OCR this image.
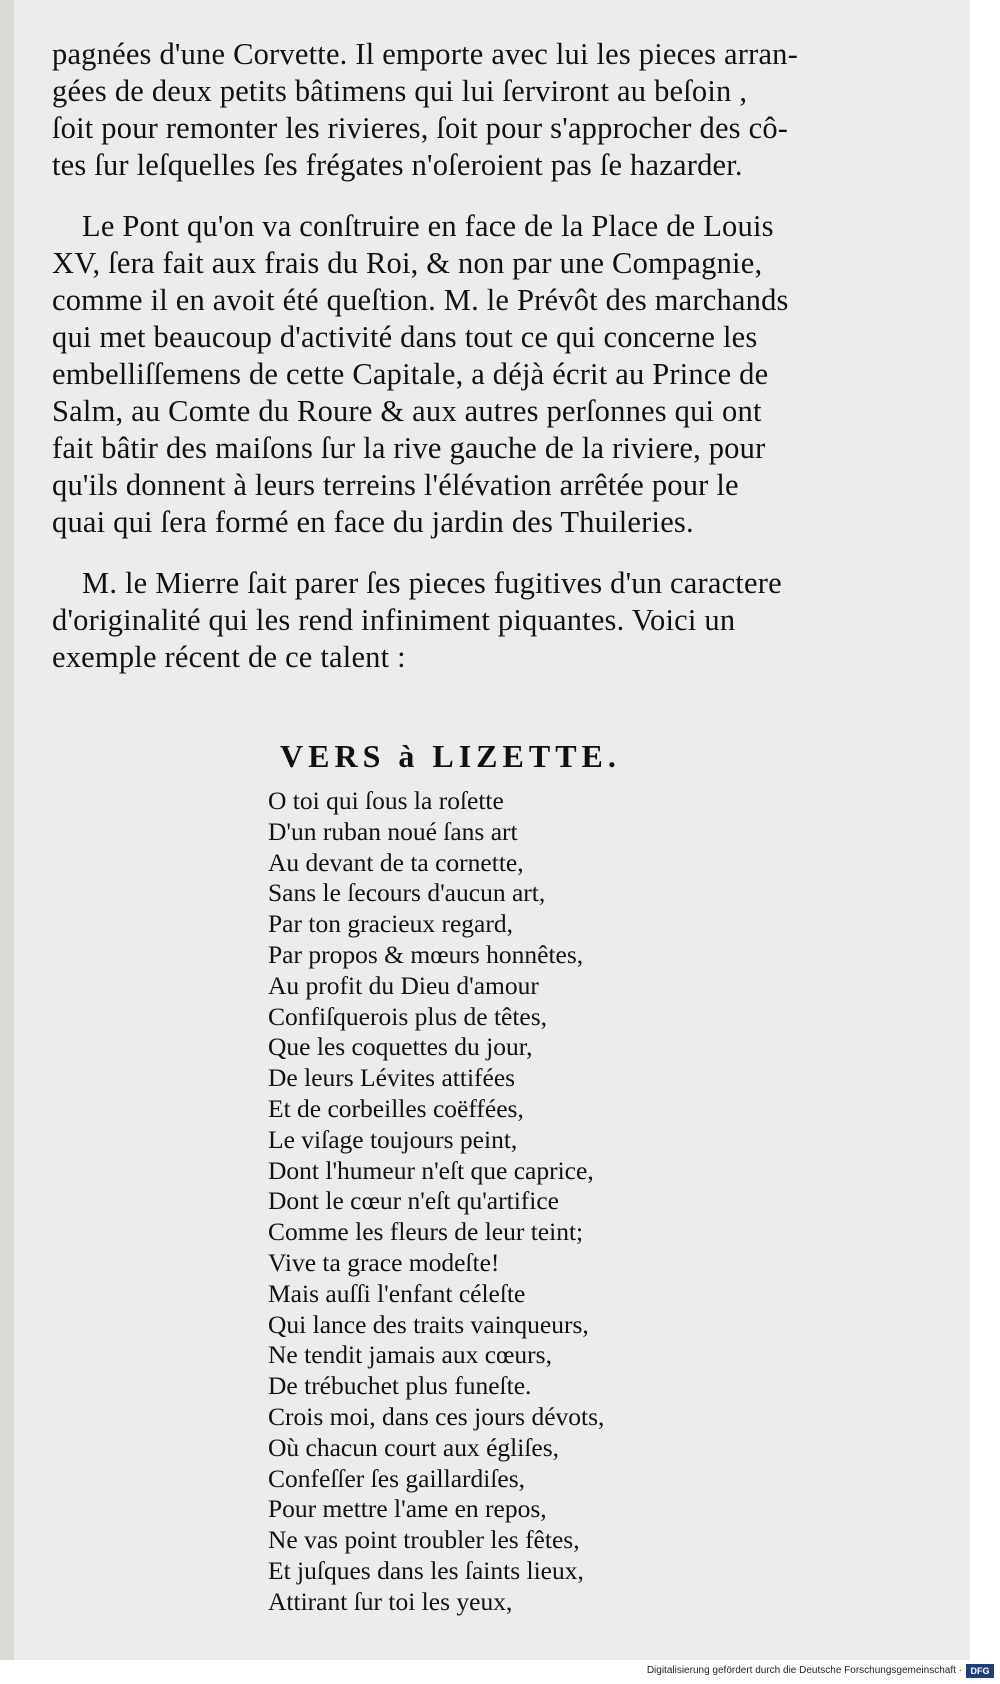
pagnées d'une Corvette. Il emporte avec lui les pieces arran-

gées de deux petits bâtimens qui lui ſerviront au beſoin ,

ſoit pour remonter les rivieres, ſoit pour s'approcher des cô-

tes ſur leſquelles ſes frégates n'oſeroient pas ſe hazarder.

Le Pont qu'on va conſtruire en face de la Place de Louis

XV, ſera fait aux frais du Roi, & non par une Compagnie,

comme il en avoit été queſtion. M. le Prévôt des marchands

qui met beaucoup d'activité dans tout ce qui concerne les

embelliſſemens de cette Capitale, a déjà écrit au Prince de

Salm, au Comte du Roure & aux autres perſonnes qui ont

fait bâtir des maiſons ſur la rive gauche de la riviere, pour

qu'ils donnent à leurs terreins l'élévation arrêtée pour le

quai qui ſera formé en face du jardin des Thuileries.

M. le Mierre ſait parer ſes pieces fugitives d'un caractere

d'originalité qui les rend infiniment piquantes. Voici un

exemple récent de ce talent :

VERS à LIZETTE.
O toi qui ſous la roſette
D'un ruban noué ſans art
Au devant de ta cornette,
Sans le ſecours d'aucun art,
Par ton gracieux regard,
Par propos & mœurs honnêtes,
Au profit du Dieu d'amour
Confiſquerois plus de têtes,
Que les coquettes du jour,
De leurs Lévites attifées
Et de corbeilles coëffées,
Le viſage toujours peint,
Dont l'humeur n'eſt que caprice,
Dont le cœur n'eſt qu'artifice
Comme les fleurs de leur teint;
Vive ta grace modeſte!
Mais auſſi l'enfant céleſte
Qui lance des traits vainqueurs,
Ne tendit jamais aux cœurs,
De trébuchet plus funeſte.
Crois moi, dans ces jours dévots,
Où chacun court aux égliſes,
Confeſſer ſes gaillardiſes,
Pour mettre l'ame en repos,
Ne vas point troubler les fêtes,
Et juſques dans les ſaints lieux,
Attirant ſur toi les yeux,
Digitalisierung gefördert durch die Deutsche Forschungsgemeinschaft · DFG
